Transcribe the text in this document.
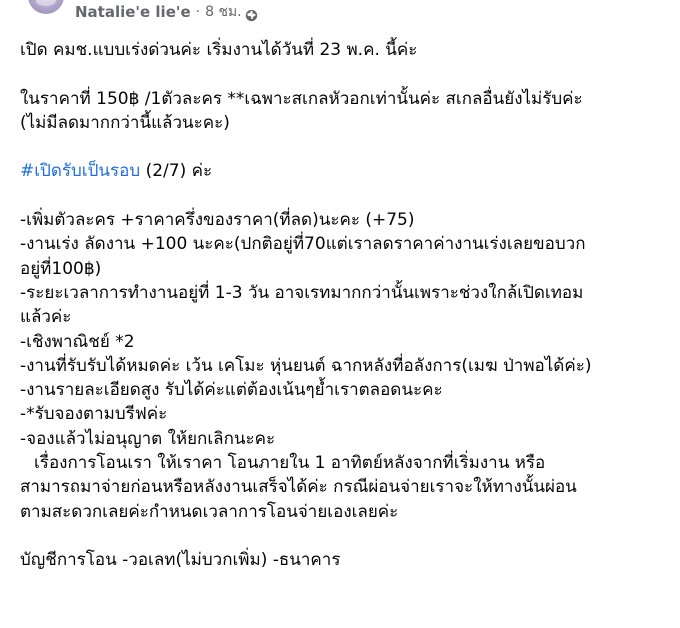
Natalie'e lie'e · 8 ชม.
เปิด คมช.แบบเร่งด่วนค่ะ เริ่มงานได้วันที่ 23 พ.ค. นี้ค่ะ
ในราคาที่ 150฿ /1ตัวละคร **เฉพาะสเกลหัวอกเท่านั้นค่ะ สเกลอื่นยังไม่รับค่ะ
(ไม่มีลดมากกว่านี้แล้วนะคะ)
#เปิดรับเป็นรอบ (2/7) ค่ะ
-เพิ่มตัวละคร +ราคาครึ่งของราคา(ที่ลด)นะคะ (+75)
-งานเร่ง ลัดงาน +100 นะคะ(ปกติอยู่ที่70แต่เราลดราคาค่างานเร่งเลยขอบวก
อยู่ที่100฿)
-ระยะเวลาการทำงานอยู่ที่ 1-3 วัน อาจเรทมากกว่านั้นเพราะช่วงใกล้เปิดเทอม
แล้วค่ะ
-เชิงพาณิชย์ *2
-งานที่รับรับได้หมดค่ะ เว้น เคโมะ หุ่นยนต์ ฉากหลังที่อลังการ(เมฆ ป่าพอได้ค่ะ)
-งานรายละเอียดสูง รับได้ค่ะแต่ต้องเน้นๆย้ำเราตลอดนะคะ
-*รับจองตามบรีฟค่ะ
-จองแล้วไม่อนุญาต ให้ยกเลิกนะคะ
เรื่องการโอนเรา ให้เราคา โอนภายใน 1 อาทิตย์หลังจากที่เริ่มงาน หรือ
สามารถมาจ่ายก่อนหรือหลังงานเสร็จได้ค่ะ กรณีผ่อนจ่ายเราจะให้ทางนั้นผ่อน
ตามสะดวกเลยค่ะกำหนดเวลาการโอนจ่ายเองเลยค่ะ
บัญชีการโอน -วอเลท(ไม่บวกเพิ่ม) -ธนาคาร
